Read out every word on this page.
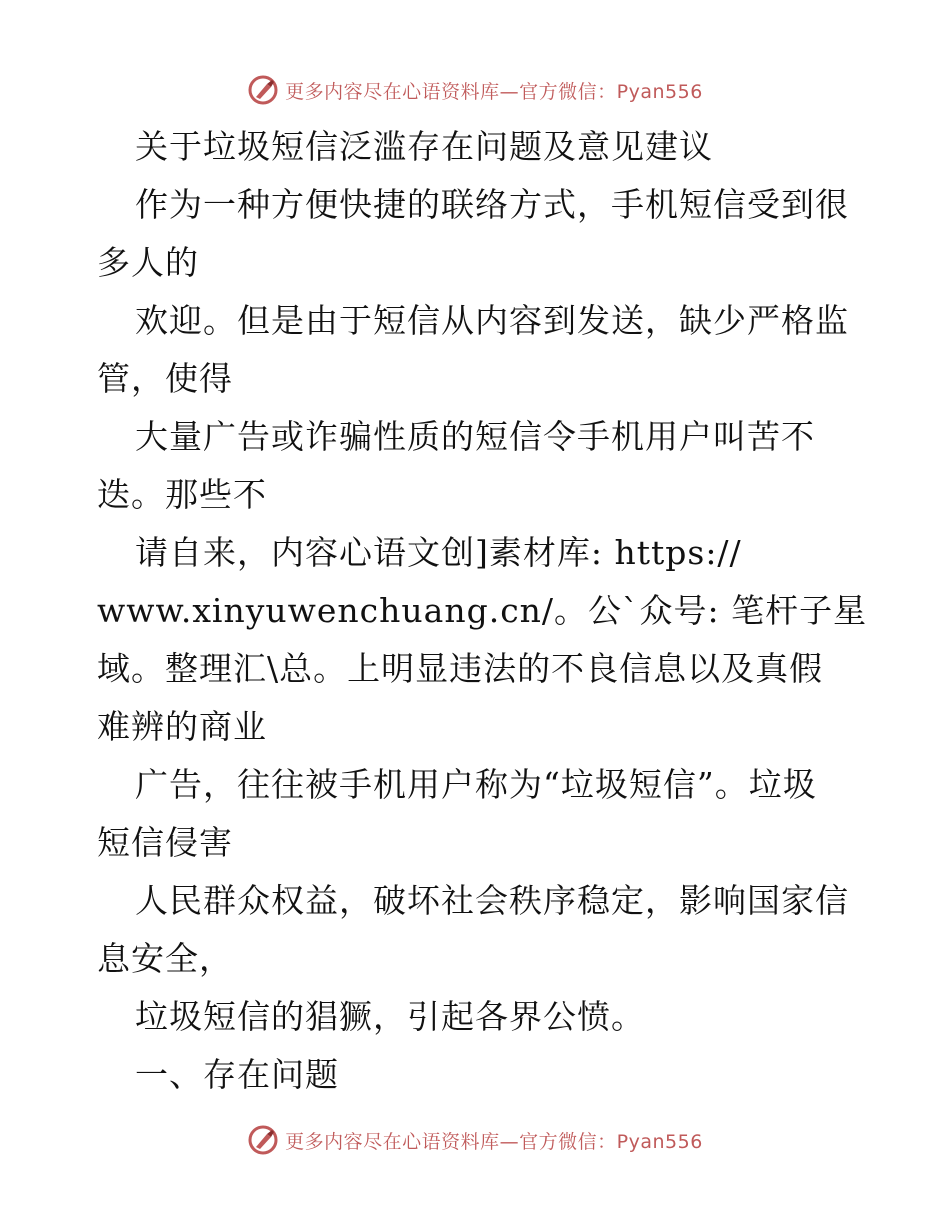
更多内容尽在心语资料库—官方微信：Pyan556
关于垃圾短信泛滥存在问题及意见建议
作为一种方便快捷的联络方式，手机短信受到很
多人的
欢迎。但是由于短信从内容到发送，缺少严格监
管，使得
大量广告或诈骗性质的短信令手机用户叫苦不
迭。那些不
请自来，内容心语文创]素材库: https://
www.xinyuwenchuang.cn/。公`众号: 笔杆子星
域。整理汇\总。上明显违法的不良信息以及真假
难辨的商业
广告，往往被手机用户称为“垃圾短信”。垃圾
短信侵害
人民群众权益，破坏社会秩序稳定，影响国家信
息安全，
垃圾短信的猖獗，引起各界公愤。
一、存在问题
更多内容尽在心语资料库—官方微信：Pyan556
